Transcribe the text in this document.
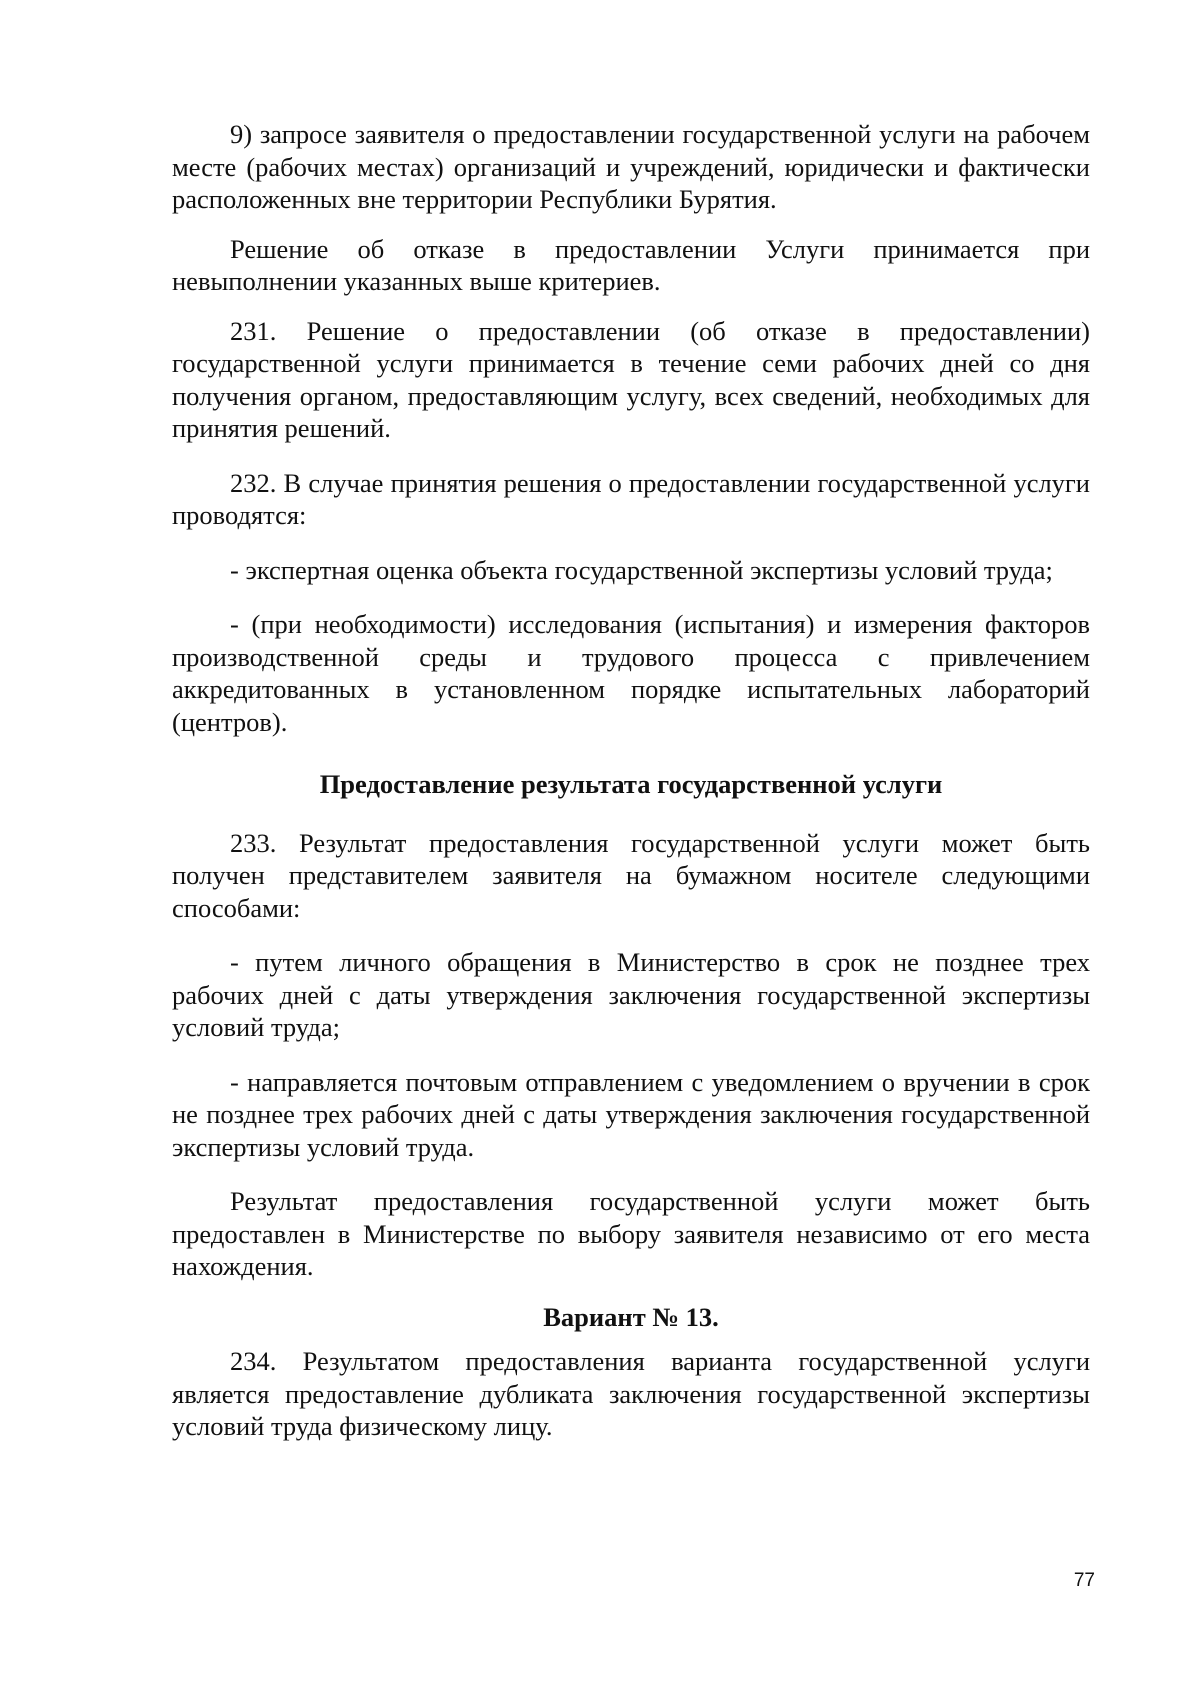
9) запросе заявителя о предоставлении государственной услуги на рабочем месте (рабочих местах) организаций и учреждений, юридически и фактически расположенных вне территории Республики Бурятия.

Решение об отказе в предоставлении Услуги принимается при невыполнении указанных выше критериев.

231. Решение о предоставлении (об отказе в предоставлении) государственной услуги принимается в течение семи рабочих дней со дня получения органом, предоставляющим услугу, всех сведений, необходимых для принятия решений.

232. В случае принятия решения о предоставлении государственной услуги проводятся:

- экспертная оценка объекта государственной экспертизы условий труда;

- (при необходимости) исследования (испытания) и измерения факторов производственной среды и трудового процесса с привлечением аккредитованных в установленном порядке испытательных лабораторий (центров).

Предоставление результата государственной услуги

233. Результат предоставления государственной услуги может быть получен представителем заявителя на бумажном носителе следующими способами:

- путем личного обращения в Министерство в срок не позднее трех рабочих дней с даты утверждения заключения государственной экспертизы условий труда;

- направляется почтовым отправлением с уведомлением о вручении в срок не позднее трех рабочих дней с даты утверждения заключения государственной экспертизы условий труда.

Результат предоставления государственной услуги может быть предоставлен в Министерстве по выбору заявителя независимо от его места нахождения.

Вариант № 13.

234. Результатом предоставления варианта государственной услуги является предоставление дубликата заключения государственной экспертизы условий труда физическому лицу.

77
